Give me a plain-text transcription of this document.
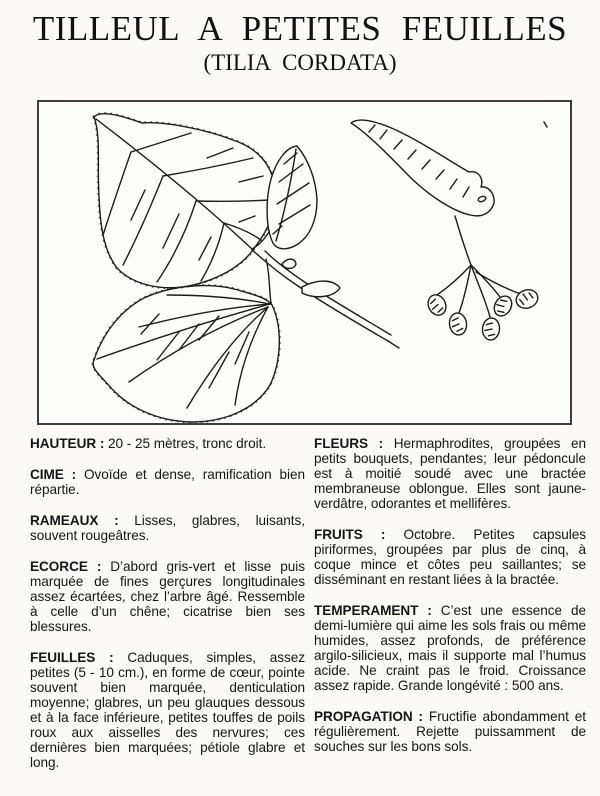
TILLEUL A PETITES FEUILLES
(TILIA CORDATA)

HAUTEUR : 20 - 25 mètres, tronc droit.

CIME : Ovoïde et dense, ramification bien répartie.

RAMEAUX : Lisses, glabres, luisants, souvent rougeâtres.

ECORCE : D’abord gris-vert et lisse puis marquée de fines gerçures longitudinales assez écartées, chez l’arbre âgé. Ressemble à celle d’un chêne; cicatrise bien ses blessures.

FEUILLES : Caduques, simples, assez petites (5 - 10 cm.), en forme de cœur, pointe souvent bien marquée, denticulation moyenne; glabres, un peu glauques dessous et à la face inférieure, petites touffes de poils roux aux aisselles des nervures; ces dernières bien marquées; pétiole glabre et long.

FLEURS : Hermaphrodites, groupées en petits bouquets, pendantes; leur pédoncule est à moitié soudé avec une bractée membraneuse oblongue. Elles sont jaune-verdâtre, odorantes et mellifères.

FRUITS : Octobre. Petites capsules piriformes, groupées par plus de cinq, à coque mince et côtes peu saillantes; se disséminant en restant liées à la bractée.

TEMPERAMENT : C’est une essence de demi-lumière qui aime les sols frais ou même humides, assez profonds, de préférence argilo-silicieux, mais il supporte mal l’humus acide. Ne craint pas le froid. Croissance assez rapide. Grande longévité : 500 ans.

PROPAGATION : Fructifie abondamment et régulièrement. Rejette puissamment de souches sur les bons sols.
